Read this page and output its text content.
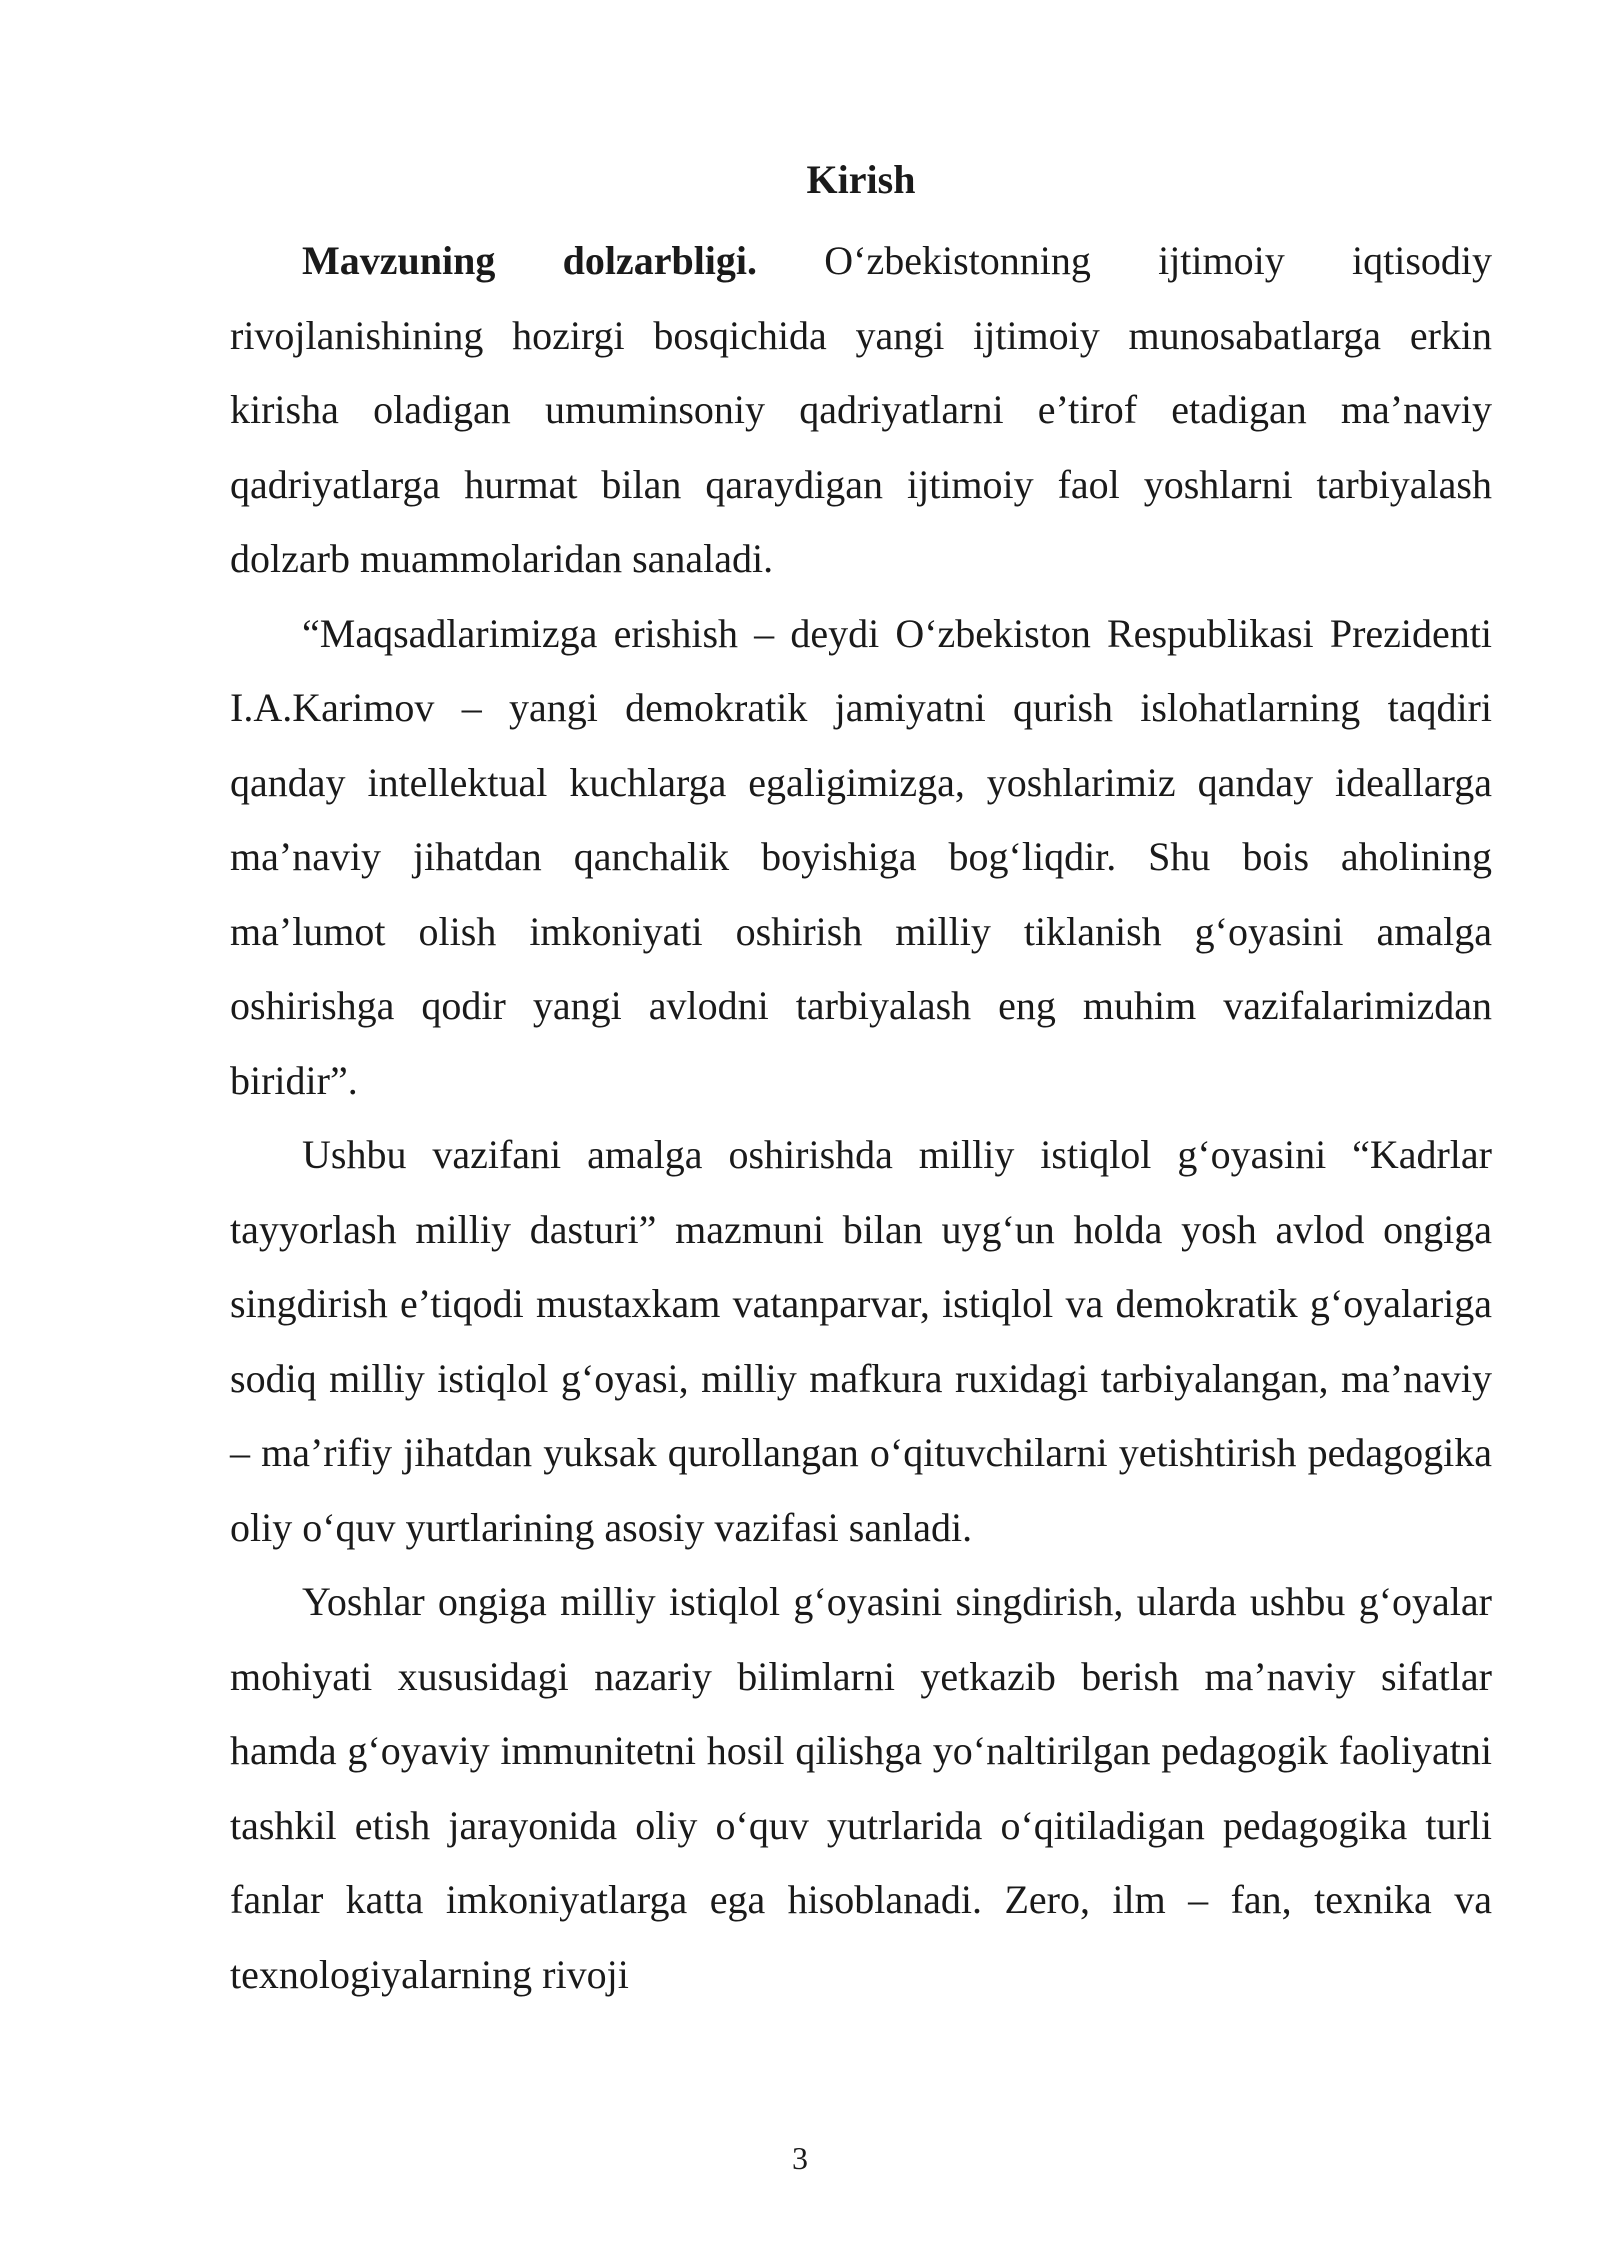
Kirish

Mavzuning dolzarbligi. O‘zbekistonning ijtimoiy iqtisodiy rivojlanishining hozirgi bosqichida yangi ijtimoiy munosabatlarga erkin kirisha oladigan umuminsoniy qadriyatlarni e’tirof etadigan ma’naviy qadriyatlarga hurmat bilan qaraydigan ijtimoiy faol yoshlarni tarbiyalash dolzarb muammolaridan sanaladi.

“Maqsadlarimizga erishish – deydi O‘zbekiston Respublikasi Prezidenti I.A.Karimov – yangi demokratik jamiyatni qurish islohatlarning taqdiri qanday intellektual kuchlarga egaligimizga, yoshlarimiz qanday ideallarga ma’naviy jihatdan qanchalik boyishiga bog‘liqdir. Shu bois aholining ma’lumot olish imkoniyati oshirish milliy tiklanish g‘oyasini amalga oshirishga qodir yangi avlodni tarbiyalash eng muhim vazifalarimizdan biridir”.

Ushbu vazifani amalga oshirishda milliy istiqlol g‘oyasini “Kadrlar tayyorlash milliy dasturi” mazmuni bilan uyg‘un holda yosh avlod ongiga singdirish e’tiqodi mustaxkam vatanparvar, istiqlol va demokratik g‘oyalariga sodiq milliy istiqlol g‘oyasi, milliy mafkura ruxidagi tarbiyalangan, ma’naviy – ma’rifiy jihatdan yuksak qurollangan o‘qituvchilarni yetishtirish pedagogika oliy o‘quv yurtlarining asosiy vazifasi sanladi.

Yoshlar ongiga milliy istiqlol g‘oyasini singdirish, ularda ushbu g‘oyalar mohiyati xususidagi nazariy bilimlarni yetkazib berish ma’naviy sifatlar hamda g‘oyaviy immunitetni hosil qilishga yo‘naltirilgan pedagogik faoliyatni tashkil etish jarayonida oliy o‘quv yutrlarida o‘qitiladigan pedagogika turli fanlar katta imkoniyatlarga ega hisoblanadi. Zero, ilm – fan, texnika va texnologiyalarning rivoji

3
